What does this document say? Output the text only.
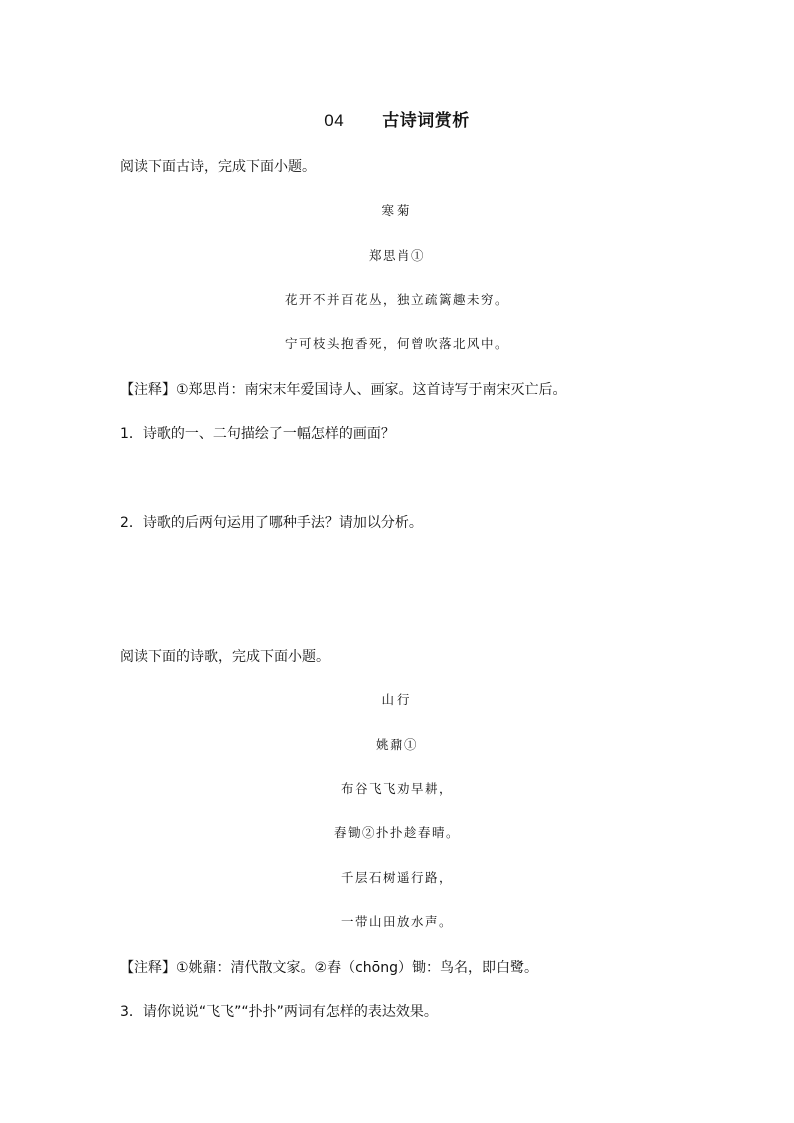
04 古诗词赏析
阅读下面古诗，完成下面小题。
寒菊
郑思肖①
花开不并百花丛，独立疏篱趣未穷。
宁可枝头抱香死，何曾吹落北风中。
【注释】①郑思肖：南宋末年爱国诗人、画家。这首诗写于南宋灭亡后。
1．诗歌的一、二句描绘了一幅怎样的画面？
2．诗歌的后两句运用了哪种手法？请加以分析。
阅读下面的诗歌，完成下面小题。
山行
姚鼐①
布谷飞飞劝早耕，
舂锄②扑扑趁春晴。
千层石树遥行路，
一带山田放水声。
【注释】①姚鼐：清代散文家。②舂（chōng）锄：鸟名，即白鹭。
3．请你说说“飞飞”“扑扑”两词有怎样的表达效果。
